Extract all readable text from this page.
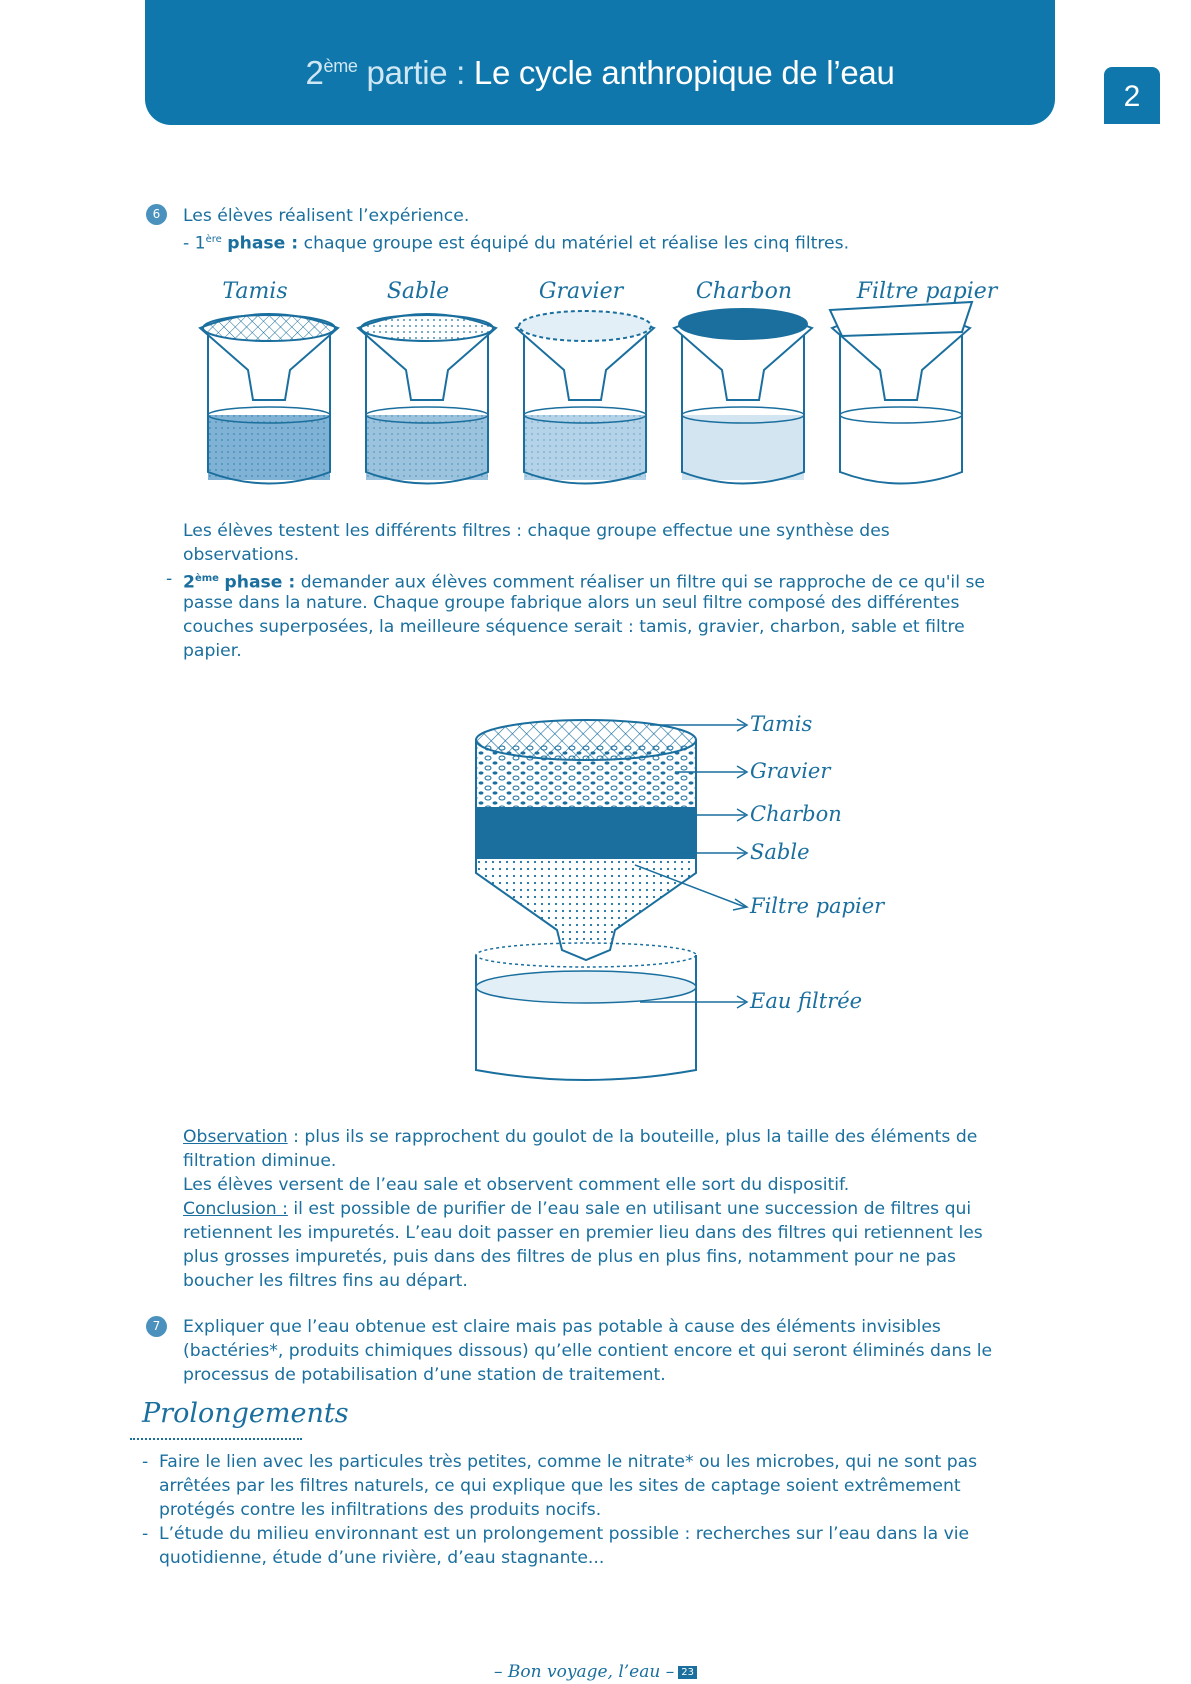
2ème partie : Le cycle anthropique de l’eau
2
6	Les élèves réalisent l’expérience.
- 1ère phase : chaque groupe est équipé du matériel et réalise les cinq filtres.
Tamis	Sable	Gravier	Charbon	Filtre papier
Les élèves testent les différents filtres : chaque groupe effectue une synthèse des
observations.
- 2ème phase : demander aux élèves comment réaliser un filtre qui se rapproche de ce qu'il se
passe dans la nature. Chaque groupe fabrique alors un seul filtre composé des différentes
couches superposées, la meilleure séquence serait : tamis, gravier, charbon, sable et filtre
papier.
Tamis
Gravier
Charbon
Sable
Filtre papier
Eau filtrée
Observation : plus ils se rapprochent du goulot de la bouteille, plus la taille des éléments de
filtration diminue.
Les élèves versent de l’eau sale et observent comment elle sort du dispositif.
Conclusion : il est possible de purifier de l’eau sale en utilisant une succession de filtres qui
retiennent les impuretés. L’eau doit passer en premier lieu dans des filtres qui retiennent les
plus grosses impuretés, puis dans des filtres de plus en plus fins, notamment pour ne pas
boucher les filtres fins au départ.
7	Expliquer que l’eau obtenue est claire mais pas potable à cause des éléments invisibles
(bactéries*, produits chimiques dissous) qu’elle contient encore et qui seront éliminés dans le
processus de potabilisation d’une station de traitement.
Prolongements
- Faire le lien avec les particules très petites, comme le nitrate* ou les microbes, qui ne sont pas
arrêtées par les filtres naturels, ce qui explique que les sites de captage soient extrêmement
protégés contre les infiltrations des produits nocifs.
- L’étude du milieu environnant est un prolongement possible : recherches sur l’eau dans la vie
quotidienne, étude d’une rivière, d’eau stagnante...
– Bon voyage, l’eau – 23
